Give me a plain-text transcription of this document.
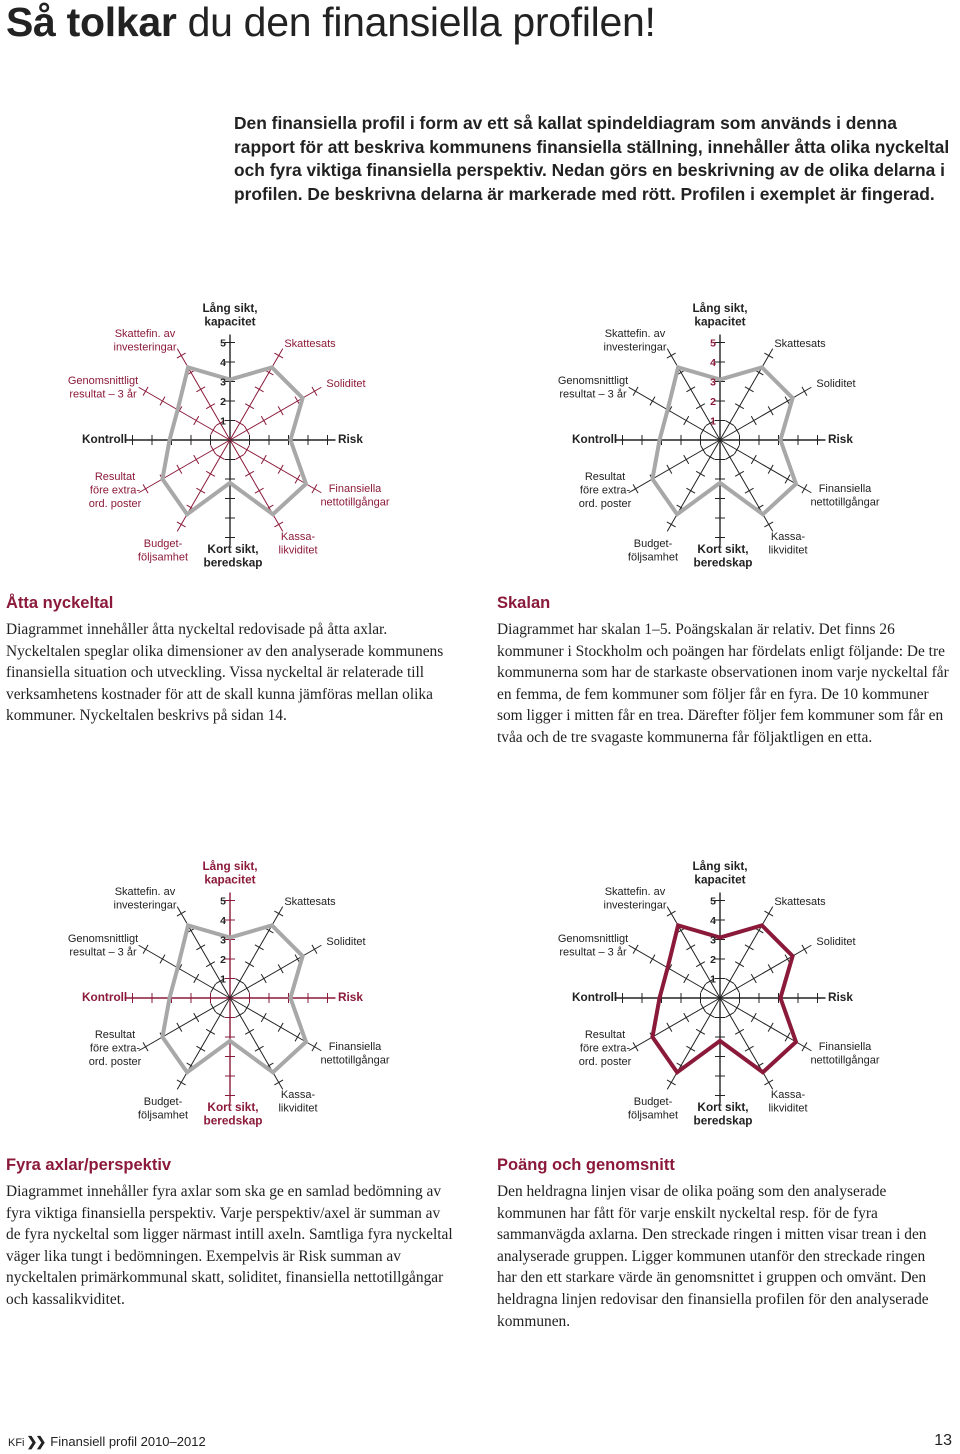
Så tolkar du den finansiella profilen!
Den finansiella profil i form av ett så kallat spindeldiagram som används i denna rapport för att beskriva kommunens finansiella ställning, innehåller åtta olika nyckeltal och fyra viktiga finansiella perspektiv. Nedan görs en beskrivning av de olika delarna i profilen. De beskrivna delarna är markerade med rött. Profilen i exemplet är fingerad.
1
2
3
4
5
Lång sikt,
kapacitet
Skattefin. av
investeringar	Skattesats
Genomsnittligt
resultat – 3 år
Soliditet
Kontroll	Risk
Resultat
före extra-
ord. poster
Finansiella
nettotillgångar
Budget-
följsamhet
Kort sikt,
beredskap
Kassa-
likviditet
1
2
3
4
5
Lång sikt,
kapacitet
Skattefin. av
investeringar	Skattesats
Genomsnittligt
resultat – 3 år
Soliditet
Kontroll	Risk
Resultat
före extra-
ord. poster
Finansiella
nettotillgångar
Budget-
följsamhet
Kort sikt,
beredskap
Kassa-
likviditet
1
2
3
4
5
Lång sikt,
kapacitet
Skattefin. av
investeringar	Skattesats
Genomsnittligt
resultat – 3 år
Soliditet
Kontroll	Risk
Resultat
före extra-
ord. poster
Finansiella
nettotillgångar
Budget-
följsamhet
Kort sikt,
beredskap
Kassa-
likviditet
1
2
3
4
5
Lång sikt,
kapacitet
Skattefin. av
investeringar	Skattesats
Genomsnittligt
resultat – 3 år
Soliditet
Kontroll	Risk
Resultat
före extra-
ord. poster
Finansiella
nettotillgångar
Budget-
följsamhet
Kort sikt,
beredskap
Kassa-
likviditet
Åtta nyckeltal

Diagrammet innehåller åtta nyckeltal redovisade på åtta axlar. Nyckeltalen speglar olika dimensioner av den analyserade kommunens finansiella situation och utveckling. Vissa nyckeltal är relaterade till verksamhetens kostnader för att de skall kunna jämföras mellan olika kommuner. Nyckeltalen beskrivs på sidan 14.

Skalan

Diagrammet har skalan 1–5. Poängskalan är relativ. Det finns 26 kommuner i Stockholm och poängen har fördelats enligt följande: De tre kommunerna som har de starkaste observationen inom varje nyckeltal får en femma, de fem kommuner som följer får en fyra. De 10 kommuner som ligger i mitten får en trea. Därefter följer fem kommuner som får en tvåa och de tre svagaste kommunerna får följaktligen en etta.

Fyra axlar/perspektiv

Diagrammet innehåller fyra axlar som ska ge en samlad bedömning av fyra viktiga finansiella perspektiv. Varje perspektiv/axel är summan av de fyra nyckeltal som ligger närmast intill axeln. Samtliga fyra nyckeltal väger lika tungt i bedömningen. Exempelvis är Risk summan av nyckeltalen primärkommunal skatt, soliditet, finansiella nettotillgångar och kassalikviditet.

Poäng och genomsnitt

Den heldragna linjen visar de olika poäng som den analyserade kommunen har fått för varje enskilt nyckeltal resp. för de fyra sammanvägda axlarna. Den streckade ringen i mitten visar trean i den analyserade gruppen. Ligger kommunen utanför den streckade ringen har den ett starkare värde än genomsnittet i gruppen och omvänt. Den heldragna linjen redovisar den finansiella profilen för den analyserade kommunen.

KFi ❯❯ Finansiell profil 2010–2012	13
